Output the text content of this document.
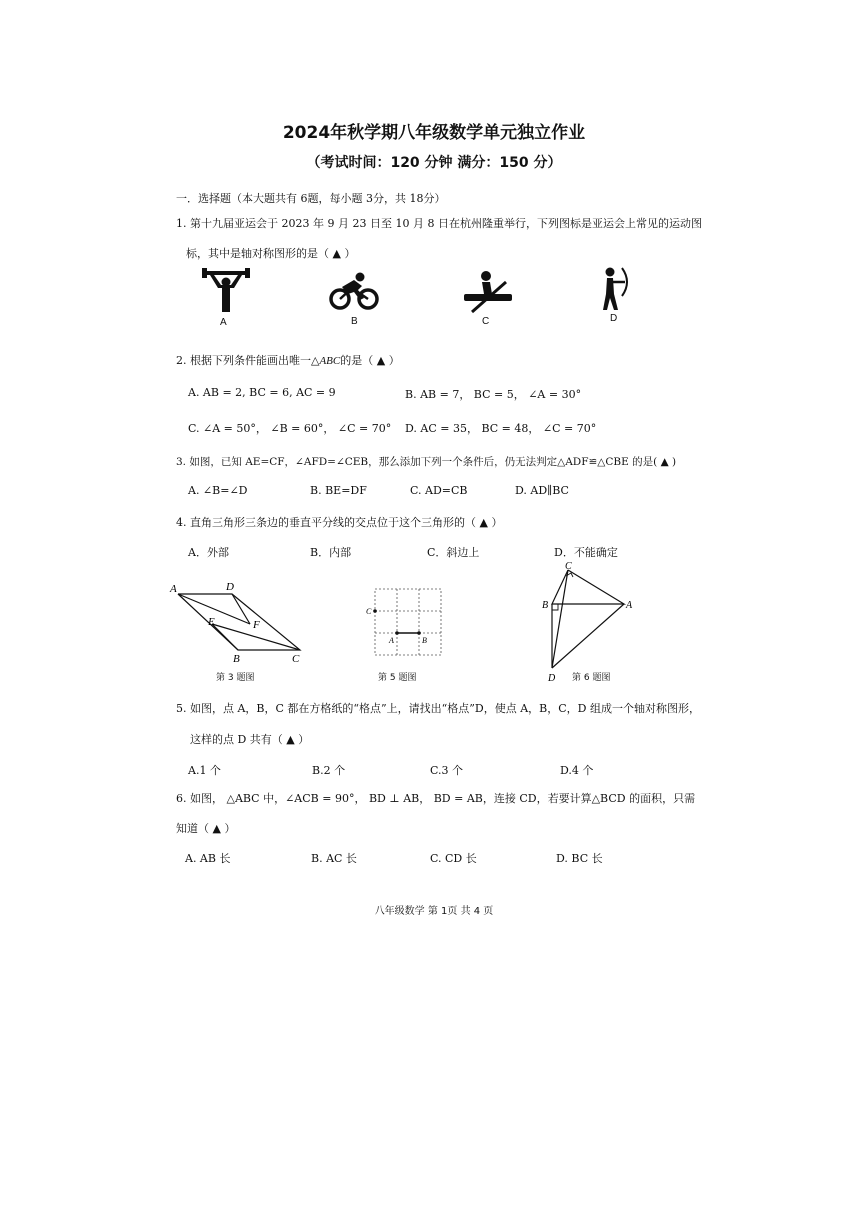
2024年秋学期八年级数学单元独立作业
（考试时间：120 分钟 满分：150 分）
一．选择题（本大题共有 6题，每小题 3分，共 18分）
1. 第十九届亚运会于 2023 年 9 月 23 日至 10 月 8 日在杭州隆重举行，下列图标是亚运会上常见的运动图
标，其中是轴对称图形的是（ ▲ ）
A	B	C	D
2. 根据下列条件能画出唯一△ABC的是（ ▲ ）
A. AB = 2, BC = 6, AC = 9	B. AB = 7， BC = 5， ∠A = 30°
C. ∠A = 50°， ∠B = 60°， ∠C = 70° D. AC = 35， BC = 48， ∠C = 70°
3. 如图，已知 AE=CF，∠AFD=∠CEB，那么添加下列一个条件后，仍无法判定△ADF≌△CBE 的是( ▲ )
A. ∠B=∠D	B. BE=DF	C. AD=CB	D. AD∥BC
4. 直角三角形三条边的垂直平分线的交点位于这个三角形的（ ▲ ）
A．外部	B．内部	C．斜边上	D．不能确定
A	D
E	F
B	C
第 3 题图
C
A	B
第 5 题图
C
B	A
D 第 6 题图
5. 如图，点 A，B，C 都在方格纸的“格点”上，请找出“格点”D，使点 A，B，C，D 组成一个轴对称图形，
这样的点 D 共有（ ▲ ）
A.1 个	B.2 个	C.3 个	D.4 个
6. 如图， △ABC 中，∠ACB = 90°， BD ⊥ AB， BD = AB，连接 CD，若要计算△BCD 的面积，只需
知道（ ▲ ）
A. AB 长	B. AC 长	C. CD 长	D. BC 长
八年级数学 第 1页 共 4 页
